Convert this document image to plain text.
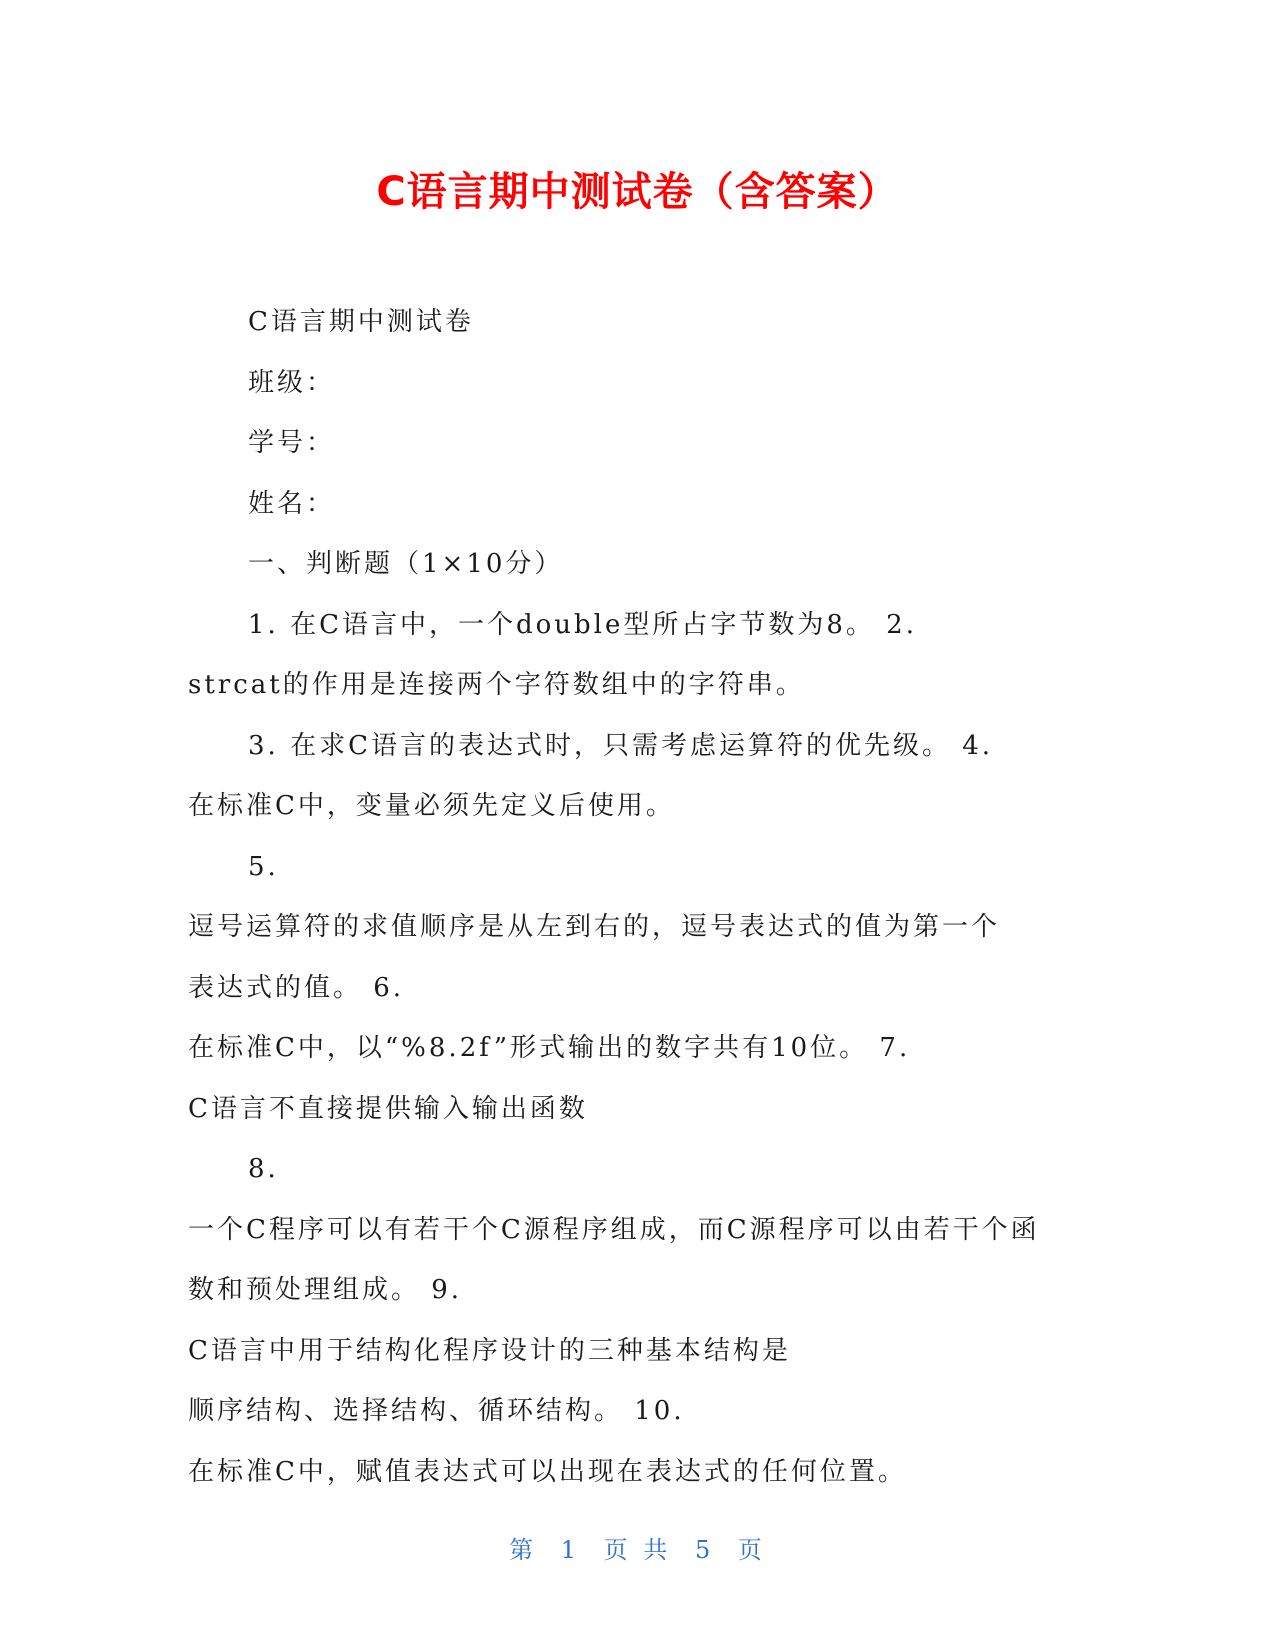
C语言期中测试卷（含答案）
C语言期中测试卷
班级：
学号：
姓名：
一、判断题（1×10分）
1. 在C语言中，一个double型所占字节数为8。 2.
strcat的作用是连接两个字符数组中的字符串。
3. 在求C语言的表达式时，只需考虑运算符的优先级。 4.
在标准C中，变量必须先定义后使用。
5.
逗号运算符的求值顺序是从左到右的，逗号表达式的值为第一个
表达式的值。 6.
在标准C中，以“%8.2f”形式输出的数字共有10位。 7.
C语言不直接提供输入输出函数
8.
一个C程序可以有若干个C源程序组成，而C源程序可以由若干个函
数和预处理组成。 9.
C语言中用于结构化程序设计的三种基本结构是
顺序结构、选择结构、循环结构。 10.
在标准C中，赋值表达式可以出现在表达式的任何位置。
第 1 页 共 5 页
